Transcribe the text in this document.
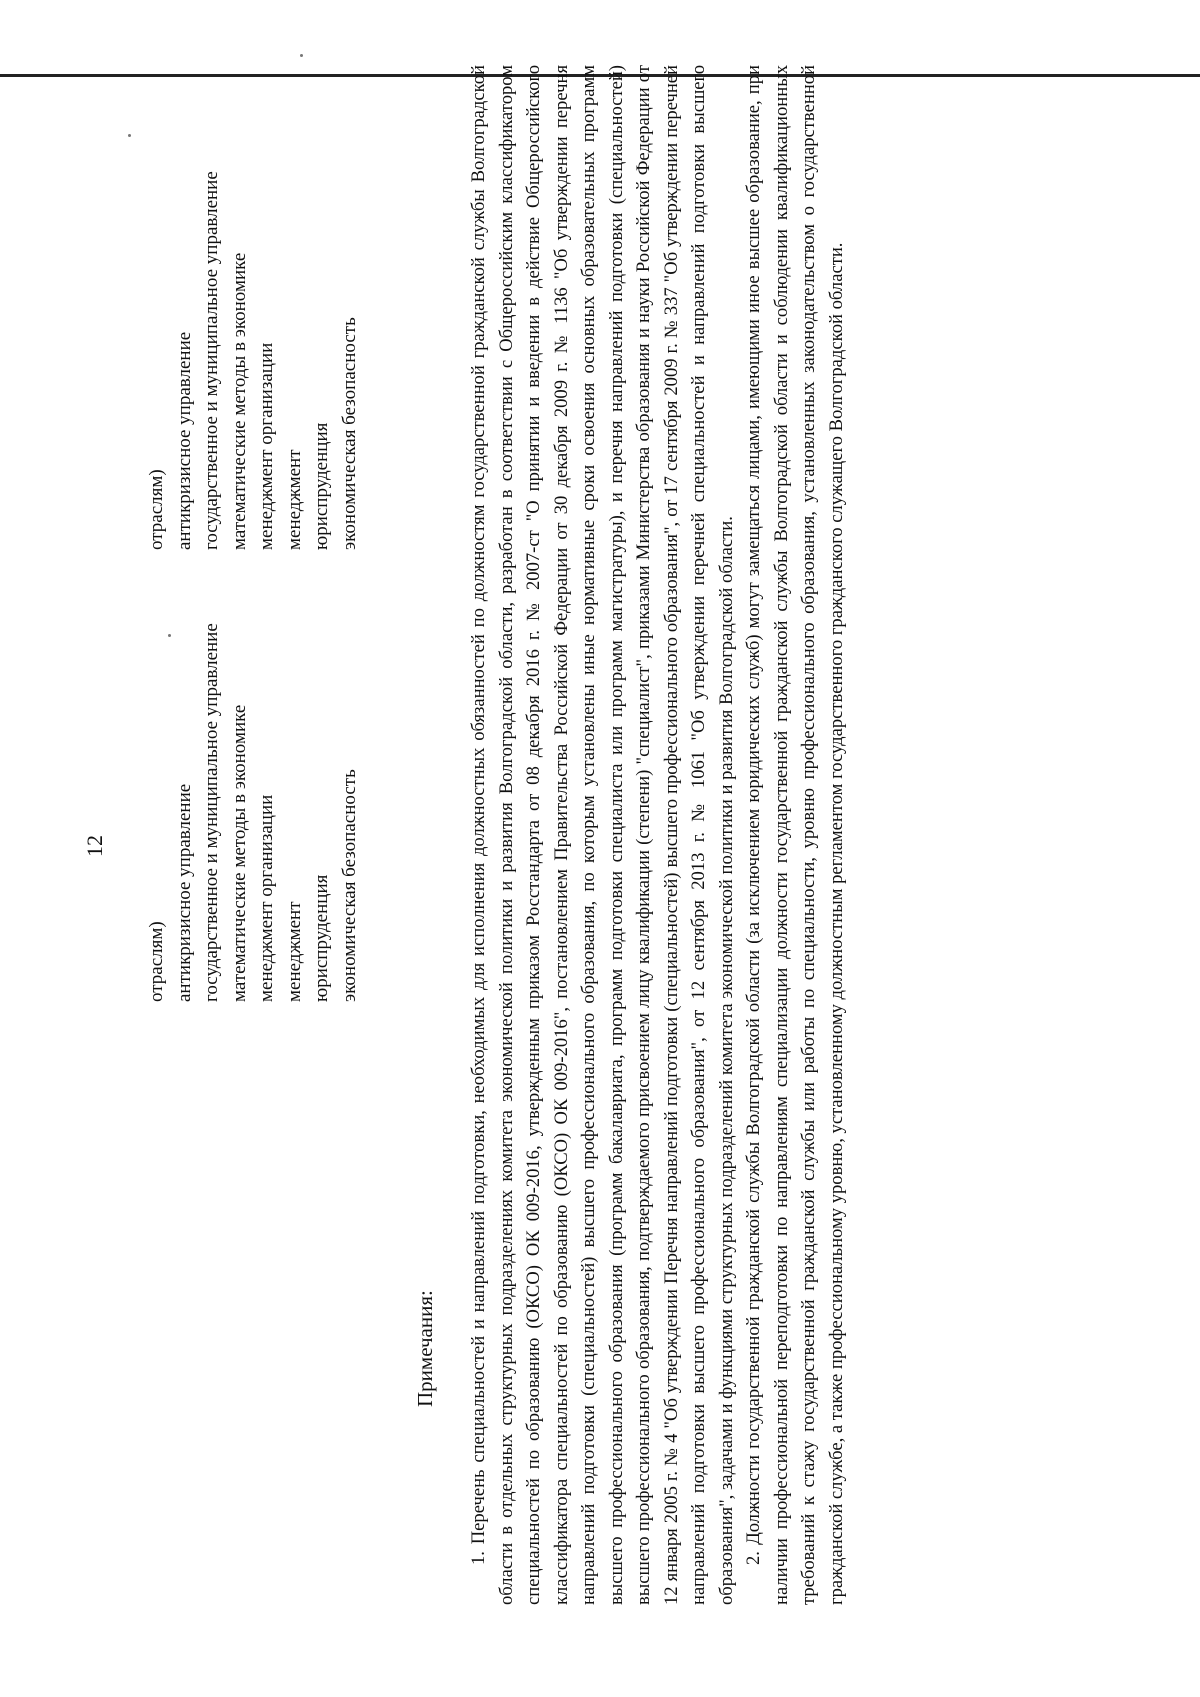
12

отраслям) антикризисное управление государственное и муниципальное управление математические методы в экономике менеджмент организации менеджмент юриспруденция экономическая безопасность
отраслям) антикризисное управление государственное и муниципальное управление математические методы в экономике менеджмент организации менеджмент юриспруденция экономическая безопасность
Примечания: 1. Перечень специальностей и направлений подготовки, необходимых для исполнения должностных обязанностей по должностям государственной гражданской службы Волгоградской области в отдельных структурных подразделениях комитета экономической политики и развития Волгоградской области, разработан в соответствии с Общероссийским классификатором специальностей по образованию (ОКСО) ОК 009-2016, утвержденным приказом Росстандарта от 08 декабря 2016 г. № 2007-ст "О принятии и введении в действие Общероссийского классификатора специальностей по образованию (ОКСО) ОК 009-2016", постановлением Правительства Российской Федерации от 30 декабря 2009 г. № 1136 "Об утверждении перечня направлений подготовки (специальностей) высшего профессионального образования, по которым установлены иные нормативные сроки освоения основных образовательных программ высшего профессионального образования (программ бакалавриата, программ подготовки специалиста или программ магистратуры), и перечня направлений подготовки (специальностей) высшего профессионального образования, подтверждаемого присвоением лицу квалификации (степени) "специалист", приказами Министерства образования и науки Российской Федерации от 12 января 2005 г. № 4 "Об утверждении Перечня направлений подготовки (специальностей) высшего профессионального образования", от 17 сентября 2009 г. № 337 "Об утверждении перечней направлений подготовки высшего профессионального образования", от 12 сентября 2013 г. № 1061 "Об утверждении перечней специальностей и направлений подготовки высшего образования", задачами и функциями структурных подразделений комитета экономической политики и развития Волгоградской области. 2. Должности государственной гражданской службы Волгоградской области (за исключением юридических служб) могут замещаться лицами, имеющими иное высшее образование, при наличии профессиональной переподготовки по направлениям специализации должности государственной гражданской службы Волгоградской области и соблюдении квалификационных требований к стажу государственной гражданской службы или работы по специальности, уровню профессионального образования, установленных законодательством о государственной гражданской службе, а также профессиональному уровню, установленному должностным регламентом государственного гражданского служащего Волгоградской области.
